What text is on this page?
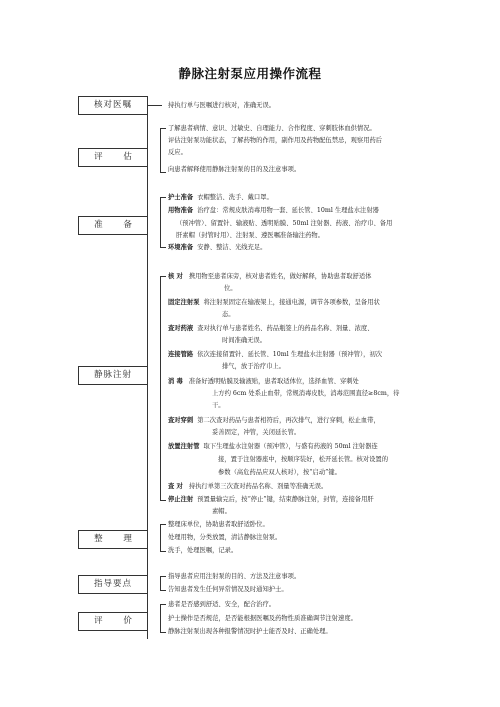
静脉注射泵应用操作流程
核对医嘱	持执行单与医嘱进行核对，准确无误。
评 估
了解患者病情、意识、过敏史、自理能力、合作程度、穿刺肢体血供情况。
评估注射泵功能状态，了解药物的作用，副作用及药物配伍禁忌，观察用药后
反应。
向患者解释使用静脉注射泵的目的及注意事项。
准 备
护士准备 衣帽整洁、洗手、戴口罩。
用物准备 治疗盘：常规皮肤消毒用物一套、延长管、10ml 生理盐水注射器
（预冲管）、留置针、输液贴、透明贴膜、50ml 注射器、药液、治疗巾、备用
肝素帽（封管时用）、注射泵、遵医嘱准备输注药物。
环境准备 安静、整洁、光线充足。
静脉注射
核 对 携用物至患者床旁，核对患者姓名，做好解释，协助患者取舒适体
位。
固定注射泵 将注射泵固定在输液架上，接通电源，调节各项参数，呈备用状
态。
查对药液 查对执行单与患者姓名、药品瓶签上的药品名称、剂量、浓度、
时间准确无误。
连接管路 依次连接留置针、延长管、10ml 生理盐水注射器（预冲管），初次
排气，放于治疗巾上。
消 毒 准备好透明贴膜及输液贴，患者取适体位，选择血管、穿刺处
上方约 6cm 处系止血带，常规消毒皮肤，消毒范围直径≥8cm，待
干。
查对穿刺 第二次查对药品与患者相符后，再次排气，进行穿刺，松止血带，
妥善固定，冲管，关闭延长管。
放置注射管 取下生理盐水注射器（预冲管），与盛有药液的 50ml 注射器连
接，置于注射器座中，按顺序装好，松开延长管。核对设置的
参数（高危药品应双人核对），按“启动”键。
查 对 持执行单第三次查对药品名称、剂量等准确无误。
停止注射 预置量输完后，按“停止”键，结束静脉注射，封管，连接备用肝
素帽。
整 理
整理床单位，协助患者取舒适卧位。
处理用物，分类放置，清洁静脉注射泵。
洗手，处理医嘱，记录。
指导要点
指导患者应用注射泵的目的、方法及注意事项。
告知患者发生任何异常情况及时通知护士。
评 价
患者是否感到舒适、安全，配合治疗。
护士操作是否规范，是否能根据医嘱及药物性质准确调节注射速度。
静脉注射泵出现各种报警情况时护士能否及时、正确处理。
